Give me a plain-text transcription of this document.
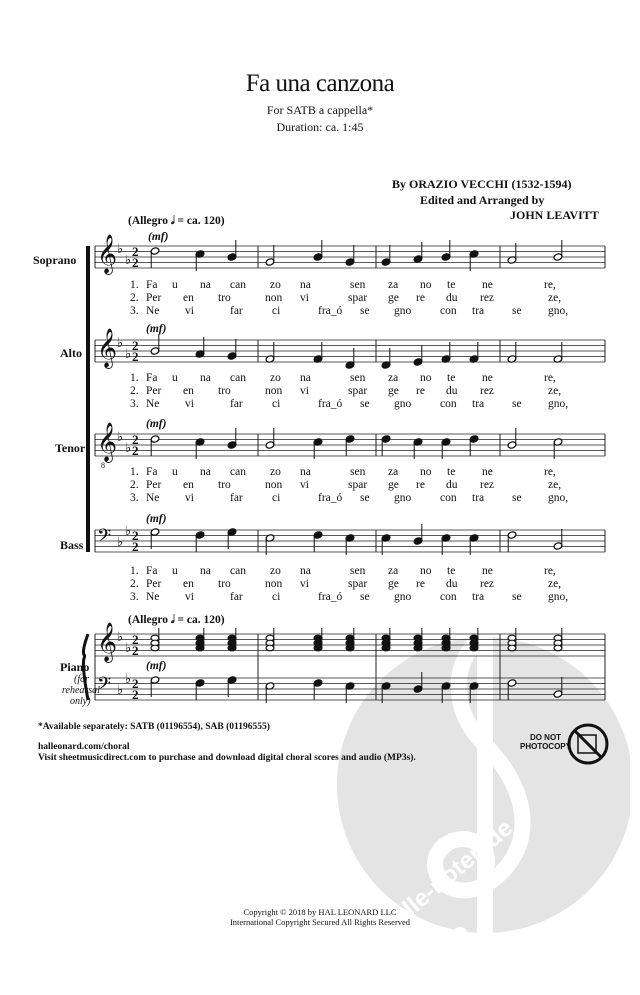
Fa una canzona
For SATB a cappella*
Duration: ca. 1:45
By ORAZIO VECCHI (1532-1594)
Edited and Arranged by
JOHN LEAVITT
alle-noten.de
𝄞 ♭
♭
2
2
𝄞 ♭
♭
2
2
𝄞 ♭
♭
2
2
𝄢 ♭
♭ 2
2
𝄞 ♭
♭
2
2
𝄢 ♭
♭ 2
2
8
(Allegro 𝅗𝅥 = ca. 120)
(mf)
(mf)
(mf)
(mf)
(Allegro 𝅗𝅥 = ca. 120)
(mf)
Soprano
Alto
Tenor
Bass
Piano
(for
rehearsal
only)
1. Fa u na can zo na	sen za no te ne	re,
2. Per en tro	non vi	spar ge re du rez	ze,
3. Ne vi	far	ci	fra_ó se gno	con tra se gno,
1. Fa u na can zo na	sen za no te ne	re,
2. Per en tro	non vi	spar ge re du rez	ze,
3. Ne vi	far	ci	fra_ó se gno	con tra se gno,
1. Fa u na can zo na	sen za no te ne	re,
2. Per en tro	non vi	spar ge re du rez	ze,
3. Ne vi	far	ci	fra_ó se gno	con tra se gno,
1. Fa u na can zo na	sen za no te ne	re,
2. Per en tro	non vi	spar ge re du rez	ze,
3. Ne vi	far	ci	fra_ó se gno	con tra se gno,
*Available separately: SATB (01196554), SAB (01196555)
halleonard.com/choral
Visit sheetmusicdirect.com to purchase and download digital choral scores and audio (MP3s).
DO NOT
PHOTOCOPY
Copyright © 2018 by HAL LEONARD LLC
International Copyright Secured All Rights Reserved
